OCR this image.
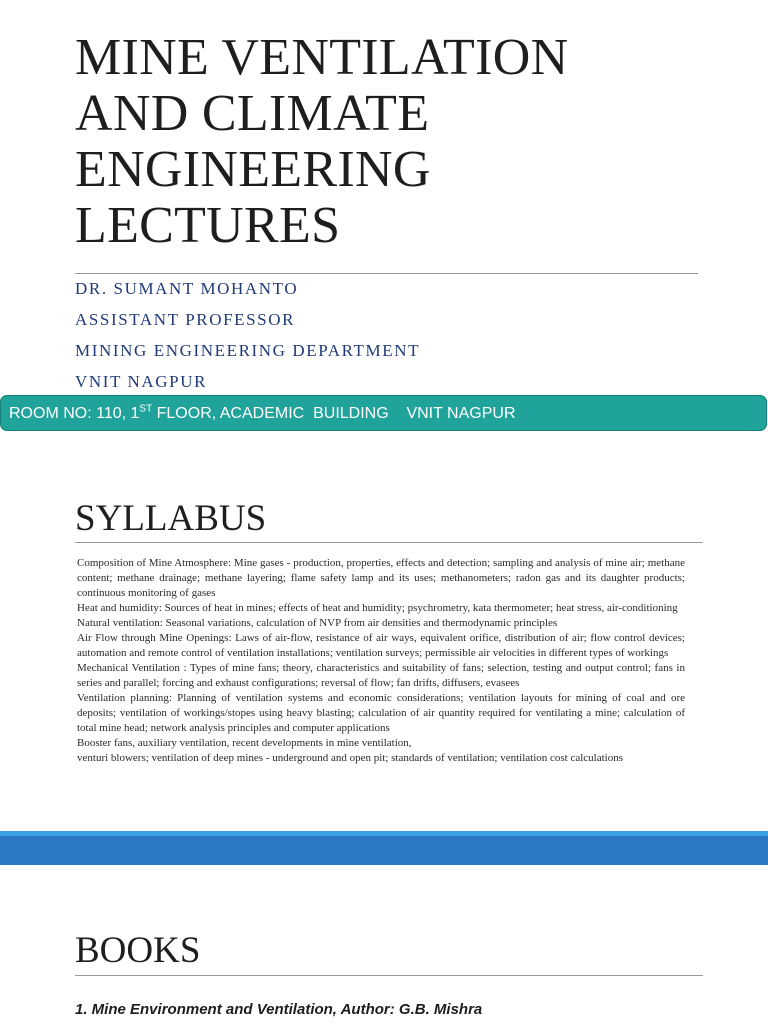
MINE VENTILATION
AND CLIMATE
ENGINEERING
LECTURES
DR. SUMANT MOHANTO
ASSISTANT PROFESSOR
MINING ENGINEERING DEPARTMENT
VNIT NAGPUR
ROOM NO: 110, 1ST FLOOR, ACADEMIC  BUILDING    VNIT NAGPUR
SYLLABUS

Composition of Mine Atmosphere: Mine gases - production, properties, effects and detection; sampling and analysis of mine air; methane content; methane drainage; methane layering; flame safety lamp and its uses; methanometers; radon gas and its daughter products; continuous monitoring of gases

Heat and humidity: Sources of heat in mines; effects of heat and humidity; psychrometry, kata thermometer; heat stress, air-conditioning

Natural ventilation: Seasonal variations, calculation of NVP from air densities and thermodynamic principles

Air Flow through Mine Openings: Laws of air-flow, resistance of air ways, equivalent orifice, distribution of air; flow control devices; automation and remote control of ventilation installations; ventilation surveys; permissible air velocities in different types of workings

Mechanical Ventilation : Types of mine fans; theory, characteristics and suitability of fans; selection, testing and output control; fans in series and parallel; forcing and exhaust configurations; reversal of flow; fan drifts, diffusers, evasees

Ventilation planning: Planning of ventilation systems and economic considerations; ventilation layouts for mining of coal and ore deposits; ventilation of workings/stopes using heavy blasting; calculation of air quantity required for ventilating a mine; calculation of total mine head; network analysis principles and computer applications

Booster fans, auxiliary ventilation, recent developments in mine ventilation,

venturi blowers; ventilation of deep mines - underground and open pit; standards of ventilation; ventilation cost calculations

BOOKS

1. Mine Environment and Ventilation, Author: G.B. Mishra
